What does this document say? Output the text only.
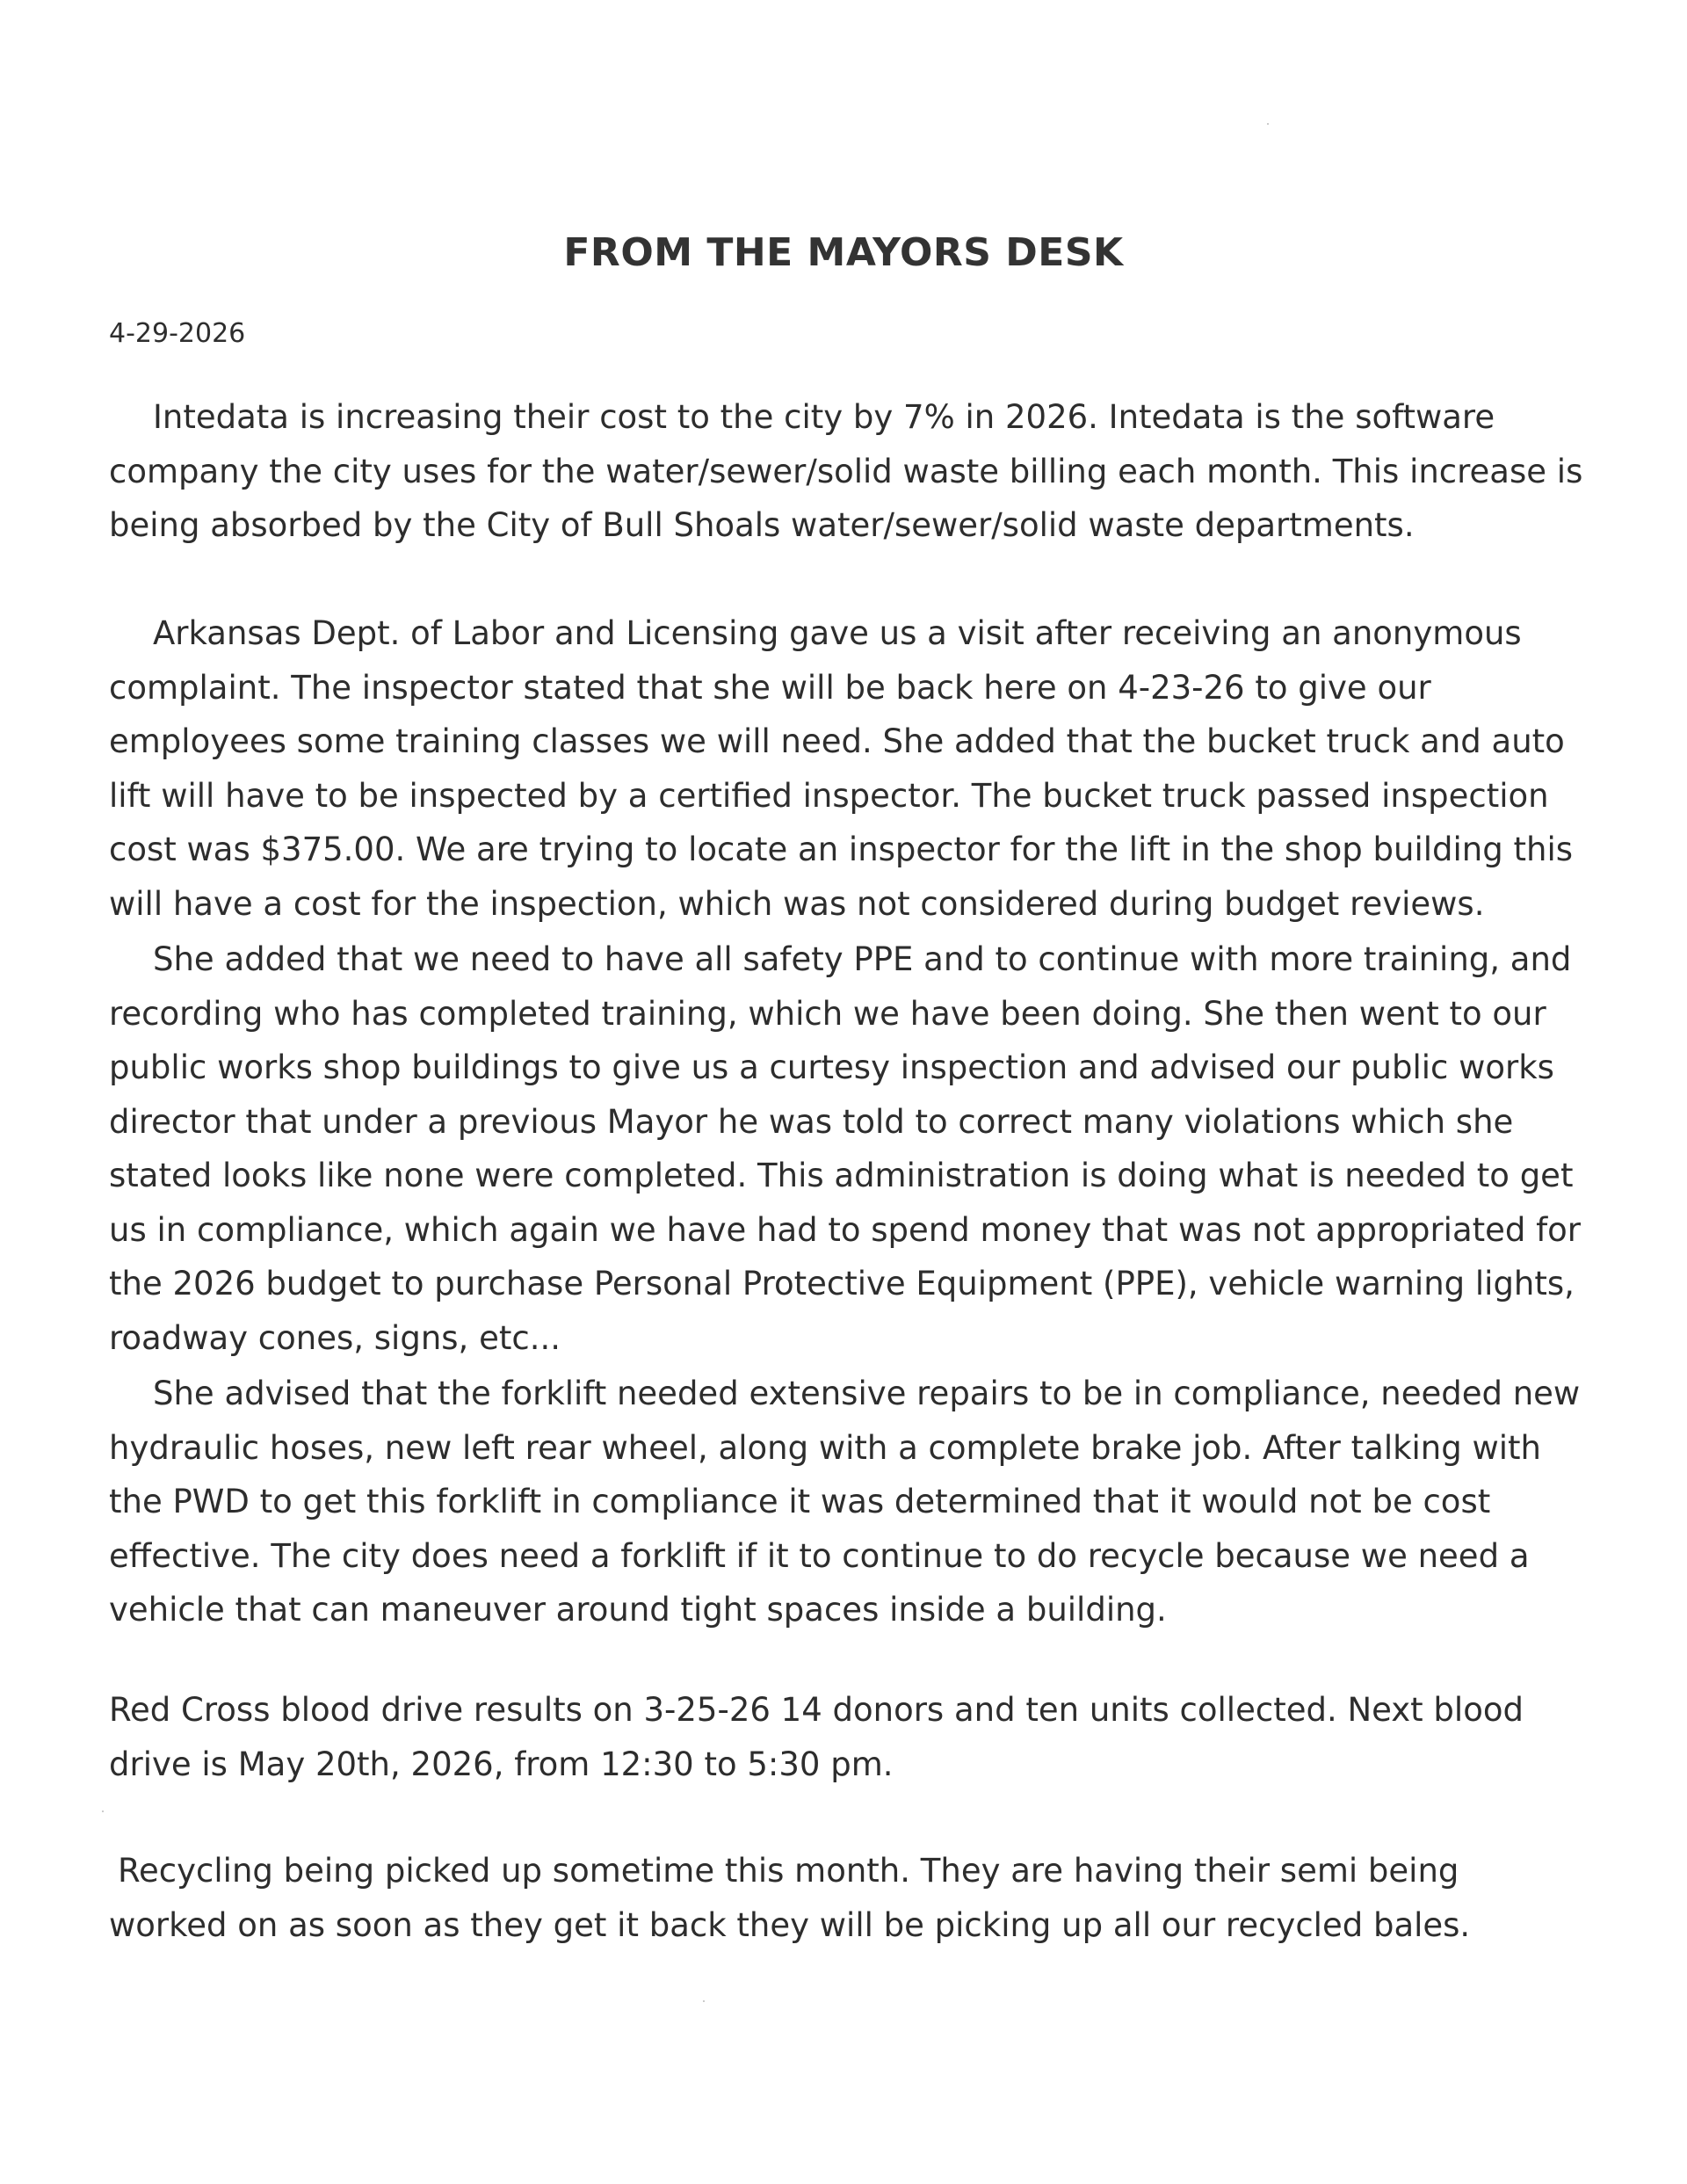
FROM THE MAYORS DESK

4-29-2026

Intedata is increasing their cost to the city by 7% in 2026. Intedata is the software company the city uses for the water/sewer/solid waste billing each month. This increase is being absorbed by the City of Bull Shoals water/sewer/solid waste departments.

Arkansas Dept. of Labor and Licensing gave us a visit after receiving an anonymous complaint. The inspector stated that she will be back here on 4-23-26 to give our employees some training classes we will need. She added that the bucket truck and auto lift will have to be inspected by a certified inspector. The bucket truck passed inspection cost was $375.00. We are trying to locate an inspector for the lift in the shop building this will have a cost for the inspection, which was not considered during budget reviews.

She added that we need to have all safety PPE and to continue with more training, and recording who has completed training, which we have been doing. She then went to our public works shop buildings to give us a curtesy inspection and advised our public works director that under a previous Mayor he was told to correct many violations which she stated looks like none were completed. This administration is doing what is needed to get us in compliance, which again we have had to spend money that was not appropriated for the 2026 budget to purchase Personal Protective Equipment (PPE), vehicle warning lights, roadway cones, signs, etc...

She advised that the forklift needed extensive repairs to be in compliance, needed new hydraulic hoses, new left rear wheel, along with a complete brake job. After talking with the PWD to get this forklift in compliance it was determined that it would not be cost effective. The city does need a forklift if it to continue to do recycle because we need a vehicle that can maneuver around tight spaces inside a building.

Red Cross blood drive results on 3-25-26 14 donors and ten units collected. Next blood drive is May 20th, 2026, from 12:30 to 5:30 pm.

Recycling being picked up sometime this month. They are having their semi being worked on as soon as they get it back they will be picking up all our recycled bales.
